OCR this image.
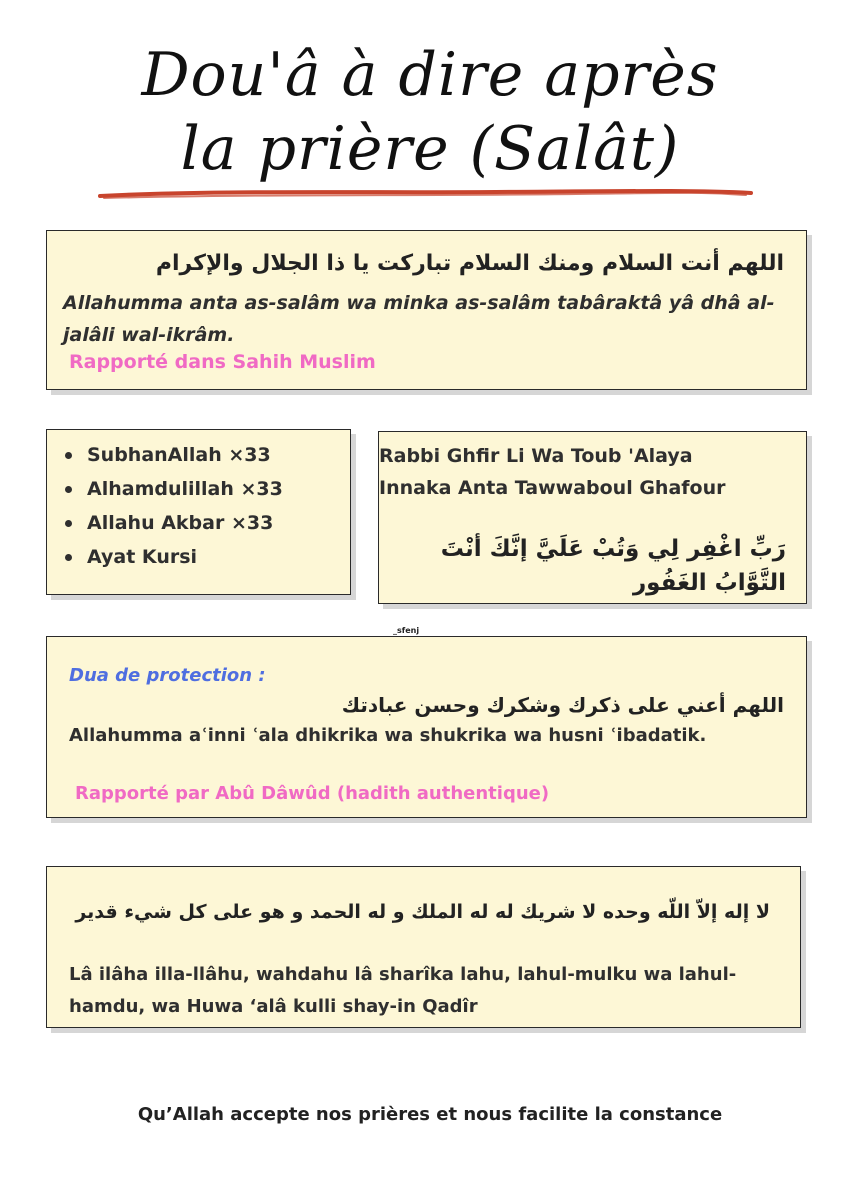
Dou'â à dire après
la prière (Salât)
اللهم أنت السلام ومنك السلام تباركت يا ذا الجلال والإكرام
Allahumma anta as-salâm wa minka as-salâm tabâraktâ yâ dhâ al-jalâli wal-ikrâm.
Rapporté dans Sahih Muslim
SubhanAllah ×33
Alhamdulillah ×33
Allahu Akbar ×33
Ayat Kursi
Rabbi Ghfir Li Wa Toub 'Alaya
Innaka Anta Tawwaboul Ghafour
رَبِّ اغْفِر لِي وَتُبْ عَلَيَّ إنَّكَ أنْتَ التَّوَّابُ الغَفُور
_sfenj
Dua de protection :
اللهم أعني على ذكرك وشكرك وحسن عبادتك
Allahumma aʿinni ʿala dhikrika wa shukrika wa husni ʿibadatik.
Rapporté par Abû Dâwûd (hadith authentique)
لا إله إلاّ اللّه وحده لا شريك له له الملك و له الحمد و هو على كل شيء قدير
Lâ ilâha illa-llâhu, wahdahu lâ sharîka lahu, lahul-mulku wa lahul-hamdu, wa Huwa ‘alâ kulli shay-in Qadîr
Qu’Allah accepte nos prières et nous facilite la constance
